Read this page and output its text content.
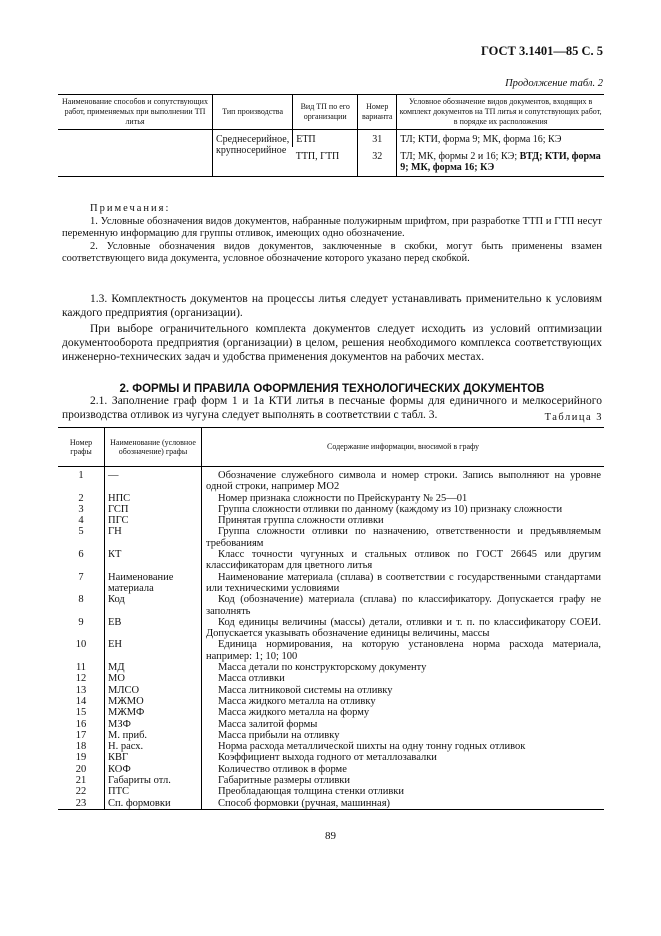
ГОСТ 3.1401—85 С. 5
Продолжение табл. 2
Наименование способов и сопутствующих работ, применяемых при выполнении ТП литья	Тип производства	Вид ТП по его организации	Номер варианта	Условное обозначение видов документов, входящих в комплект документов на ТП литья и сопутствующих работ, в порядке их расположения
	Среднесерийное, крупносерийное	ЕТП	31	ТЛ; КТИ, форма 9; МК, форма 16; КЭ
		ТТП, ГТП	32	ТЛ; МК, формы 2 и 16; КЭ; ВТД; КТИ, форма 9; МК, форма 16; КЭ

Примечания:

1. Условные обозначения видов документов, набранные полужирным шрифтом, при разработке ТТП и ГТП несут переменную информацию для группы отливок, имеющих одно обозначение.

2. Условные обозначения видов документов, заключенные в скобки, могут быть применены взамен соответствующего вида документа, условное обозначение которого указано перед скобкой.

1.3. Комплектность документов на процессы литья следует устанавливать применительно к условиям каждого предприятия (организации).

При выборе ограничительного комплекта документов следует исходить из условий оптимизации документооборота предприятия (организации) в целом, решения необходимого комплекса соответствующих инженерно-технических задач и удобства применения документов на рабочих местах.

2. ФОРМЫ И ПРАВИЛА ОФОРМЛЕНИЯ ТЕХНОЛОГИЧЕСКИХ ДОКУМЕНТОВ

2.1. Заполнение граф форм 1 и 1а КТИ литья в песчаные формы для единичного и мелкосерийного производства отливок из чугуна следует выполнять в соответствии с табл. 3.	Таблица 3
Номер графы	Наименование (условное обозначение) графы	Содержание информации, вносимой в графу
1	—	Обозначение служебного символа и номер строки. Запись выполняют на уровне одной строки, например МО2
2	НПС	Номер признака сложности по Прейскуранту № 25—01
3	ГСП	Группа сложности отливки по данному (каждому из 10) признаку сложности
4	ПГС	Принятая группа сложности отливки
5	ГН	Группа сложности отливки по назначению, ответственности и предъявляемым требованиям
6	КТ	Класс точности чугунных и стальных отливок по ГОСТ 26645 или другим классификаторам для цветного литья
7	Наименование материала	Наименование материала (сплава) в соответствии с государственными стандартами или техническими условиями
8	Код	Код (обозначение) материала (сплава) по классификатору. Допускается графу не заполнять
9	ЕВ	Код единицы величины (массы) детали, отливки и т. п. по классификатору СОЕИ. Допускается указывать обозначение единицы величины, массы
10	ЕН	Единица нормирования, на которую установлена норма расхода материала, например: 1; 10; 100
11	МД	Масса детали по конструкторскому документу
12	МО	Масса отливки
13	МЛСО	Масса литниковой системы на отливку
14	МЖМО	Масса жидкого металла на отливку
15	МЖМФ	Масса жидкого металла на форму
16	МЗФ	Масса залитой формы
17	М. приб.	Масса прибыли на отливку
18	Н. расх.	Норма расхода металлической шихты на одну тонну годных отливок
19	КВГ	Коэффициент выхода годного от металлозавалки
20	КОФ	Количество отливок в форме
21	Габариты отл.	Габаритные размеры отливки
22	ПТС	Преобладающая толщина стенки отливки
23	Сп. формовки	Способ формовки (ручная, машинная)
89
